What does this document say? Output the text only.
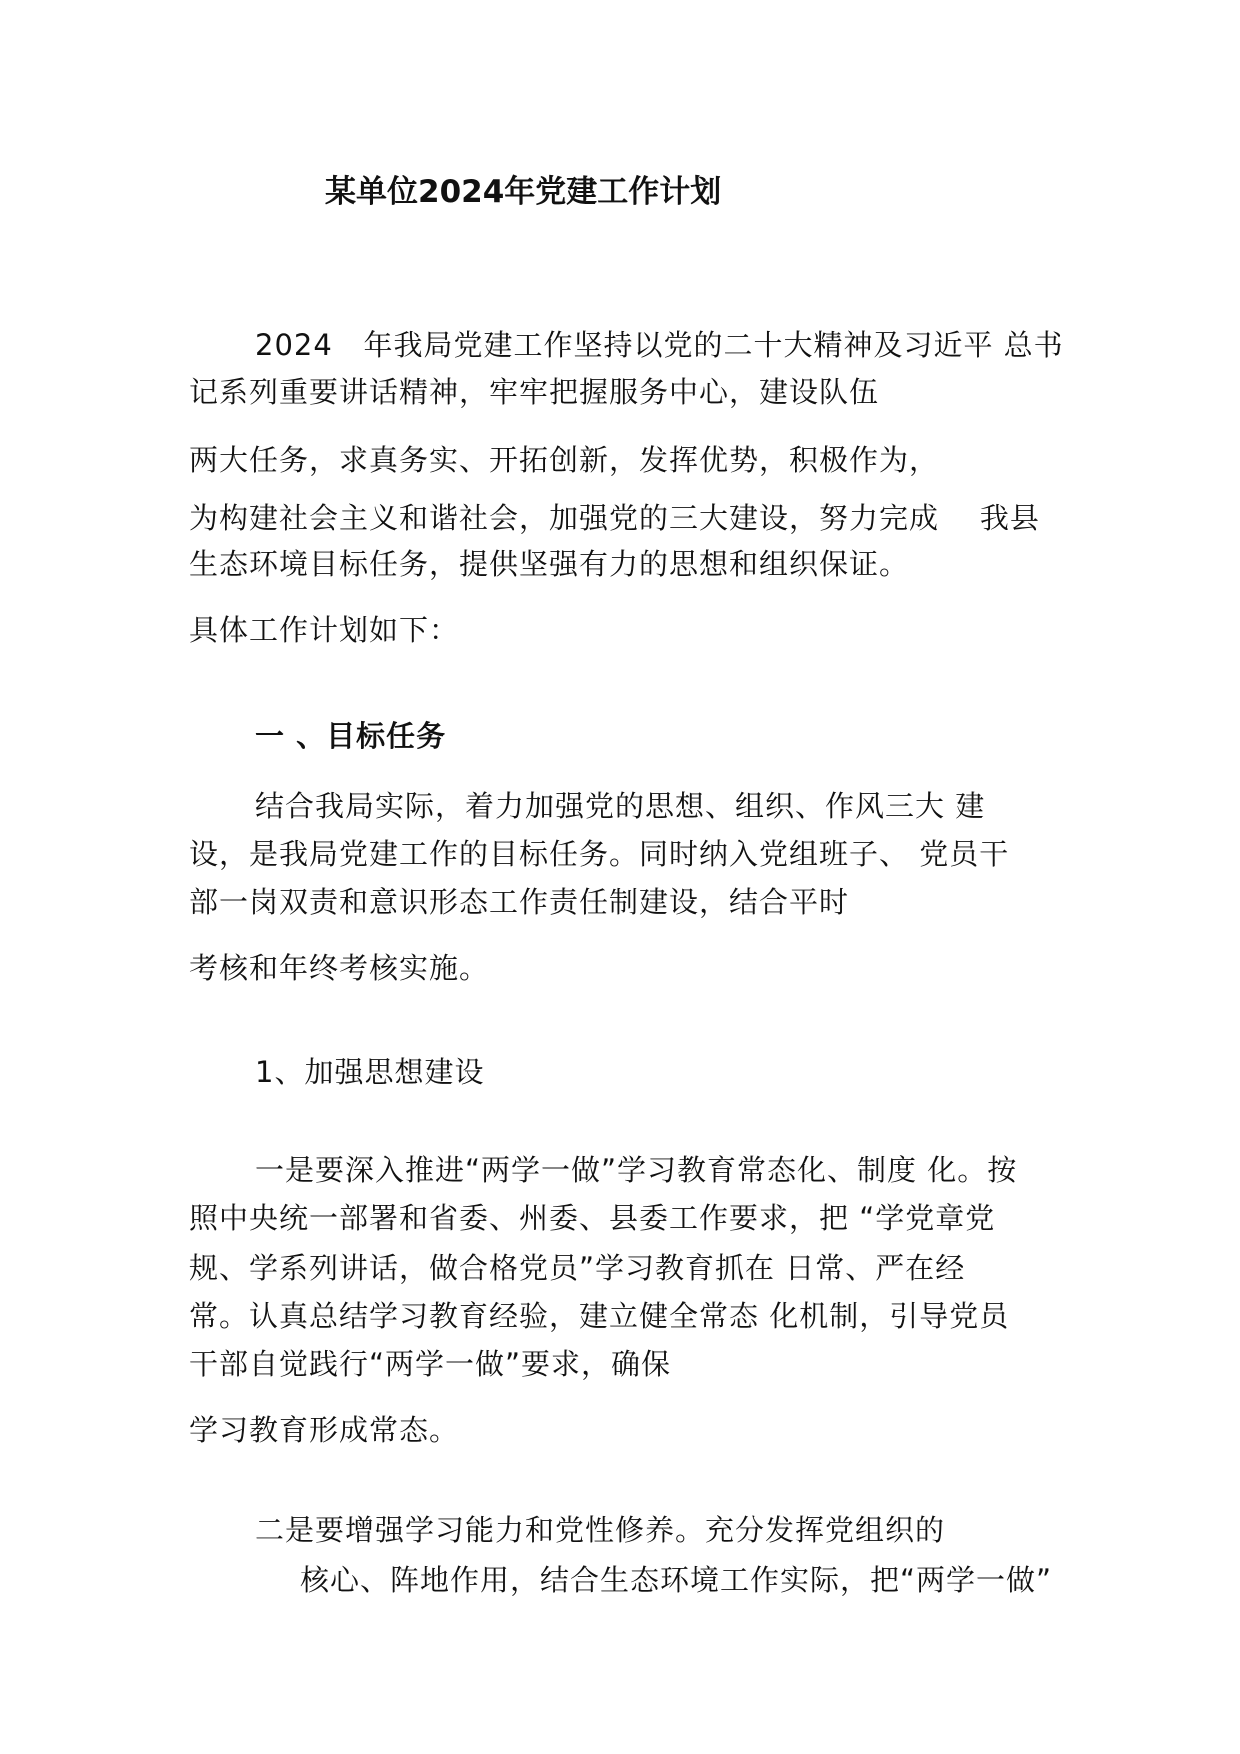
某单位2024年党建工作计划
2024   年我局党建工作坚持以党的二十大精神及习近平 总书
记系列重要讲话精神，牢牢把握服务中心，建设队伍
两大任务，求真务实、开拓创新，发挥优势，积极作为，
为构建社会主义和谐社会，加强党的三大建设，努力完成    我县
生态环境目标任务，提供坚强有力的思想和组织保证。
具体工作计划如下：
一 、目标任务
结合我局实际，着力加强党的思想、组织、作风三大 建
设，是我局党建工作的目标任务。同时纳入党组班子、 党员干
部一岗双责和意识形态工作责任制建设，结合平时
考核和年终考核实施。
1、加强思想建设
一是要深入推进“两学一做”学习教育常态化、制度 化。按
照中央统一部署和省委、州委、县委工作要求，把 “学党章党
规、学系列讲话，做合格党员”学习教育抓在 日常、严在经
常。认真总结学习教育经验，建立健全常态 化机制，引导党员
干部自觉践行“两学一做”要求，确保
学习教育形成常态。
二是要增强学习能力和党性修养。充分发挥党组织的
核心、阵地作用，结合生态环境工作实际，把“两学一做”
